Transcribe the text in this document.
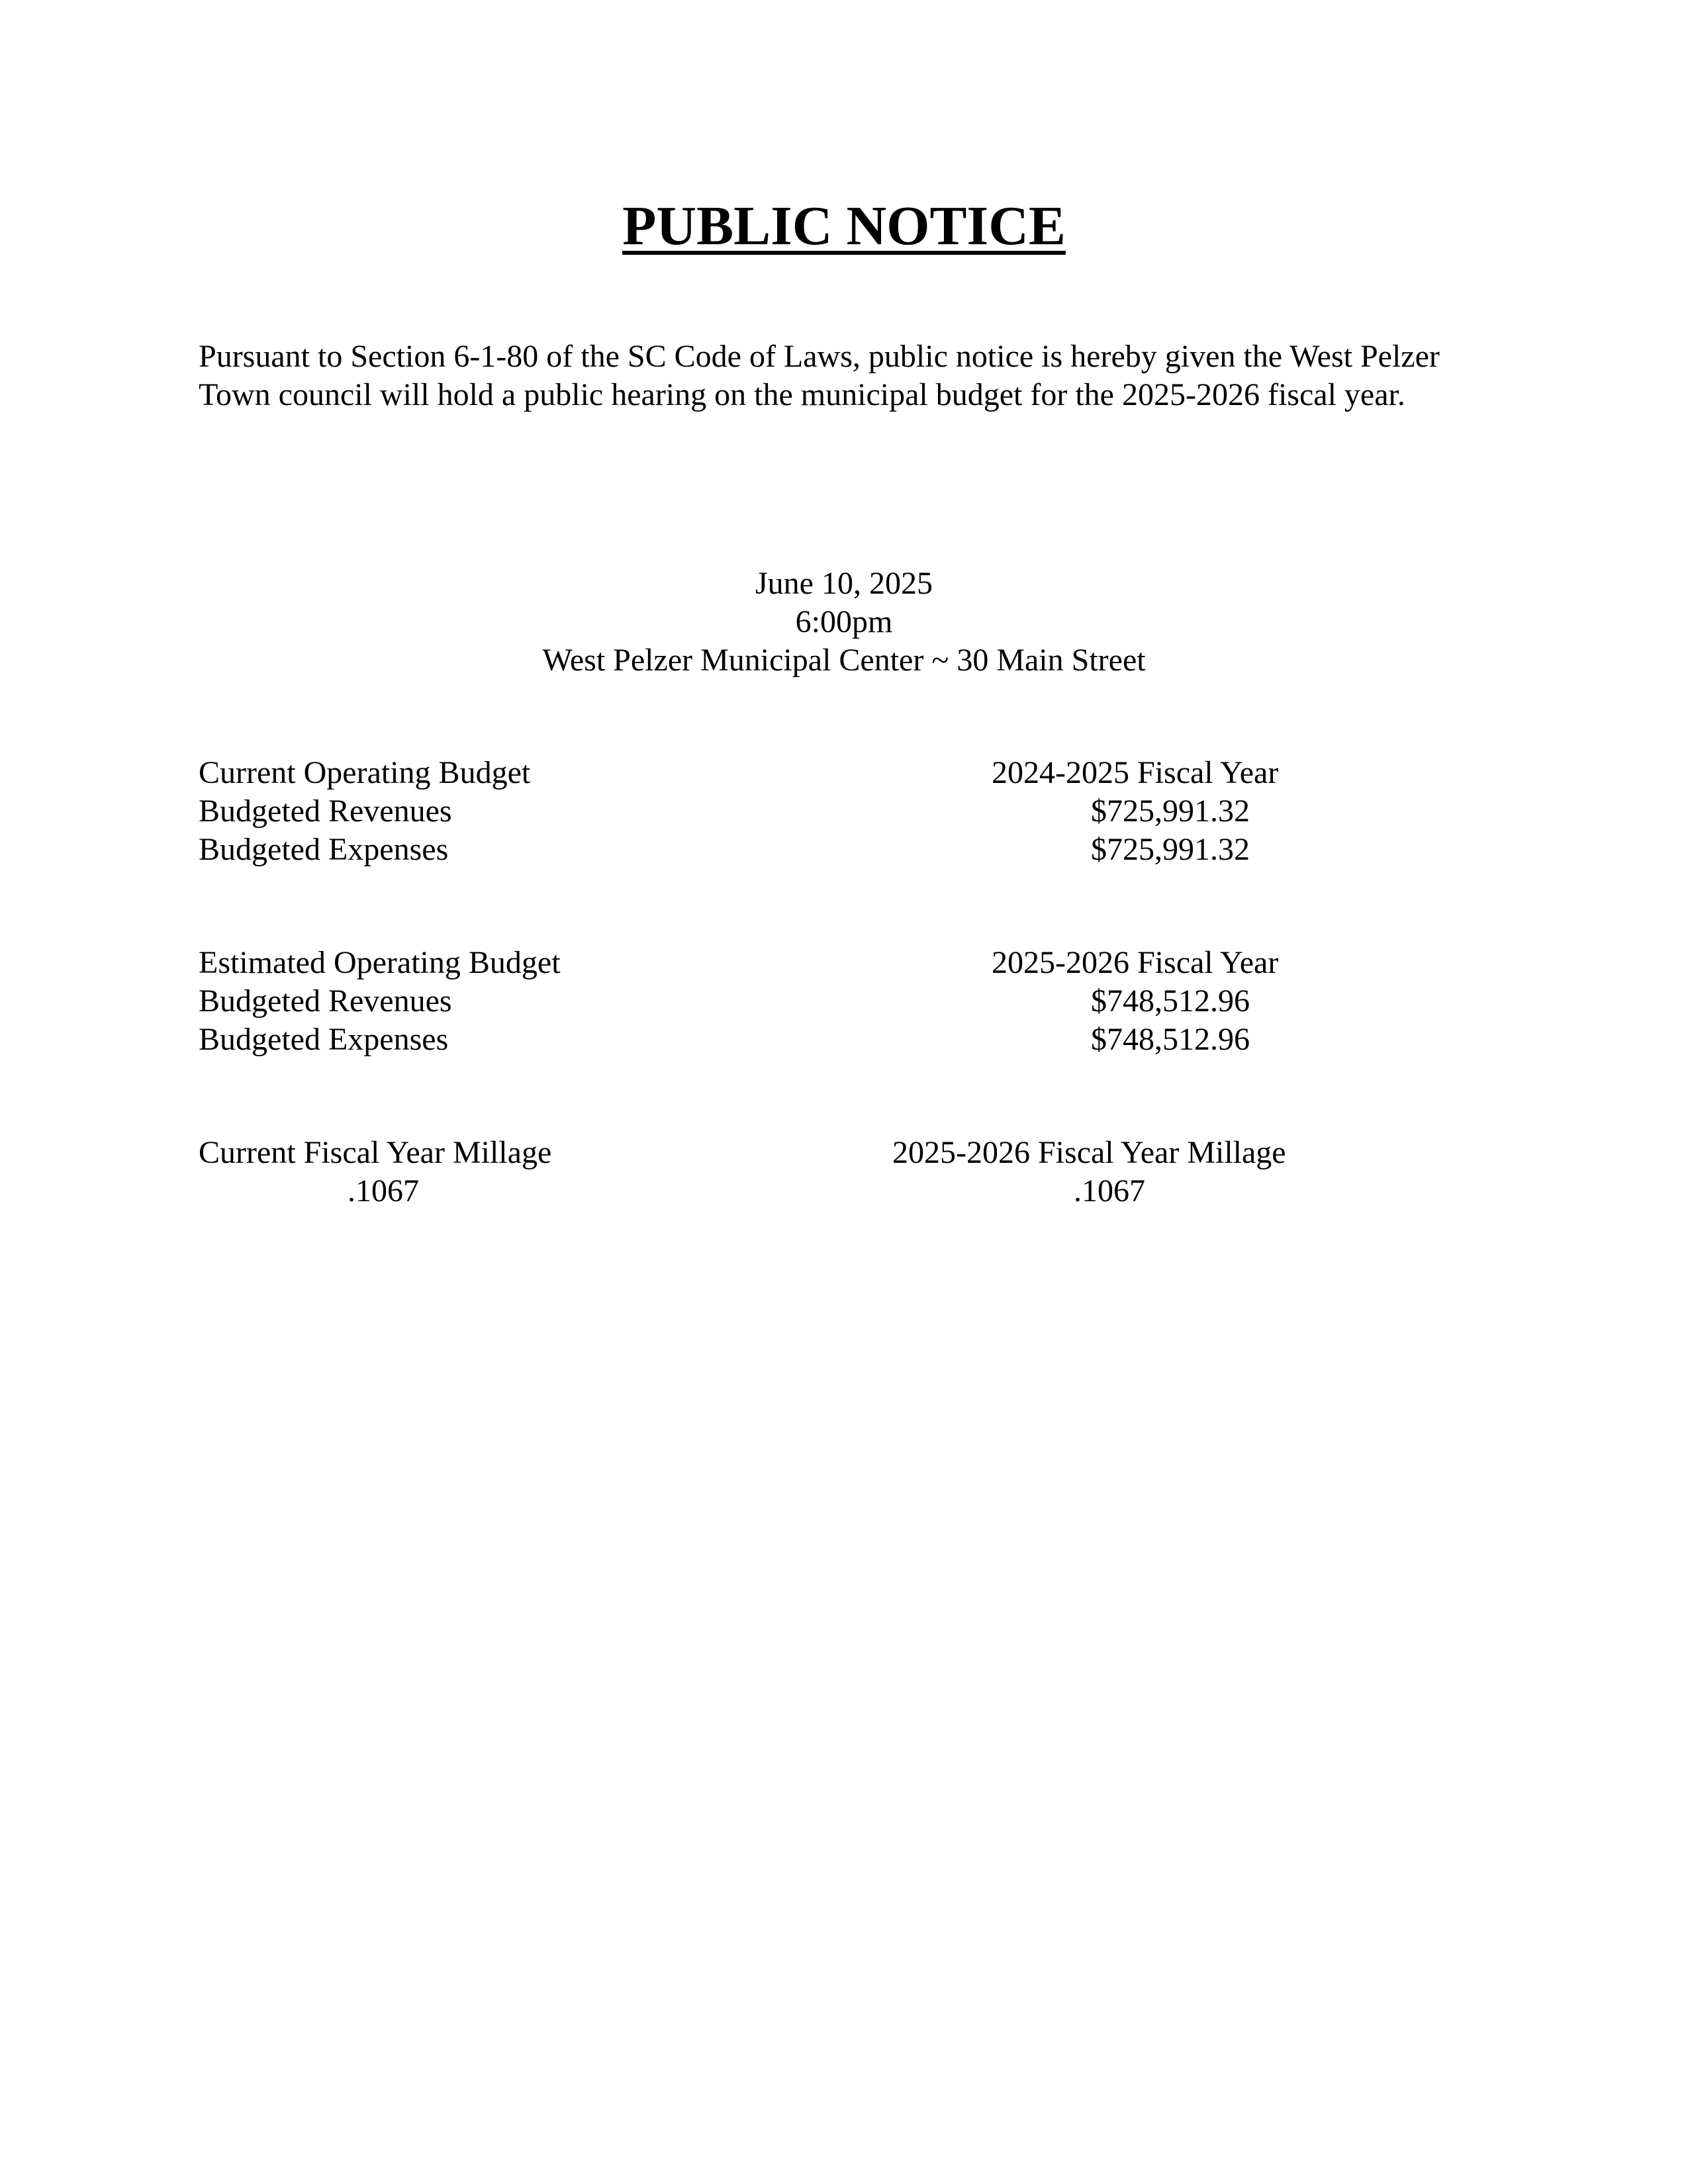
PUBLIC NOTICE

Pursuant to Section 6-1-80 of the SC Code of Laws, public notice is hereby given the West Pelzer Town council will hold a public hearing on the municipal budget for the 2025-2026 fiscal year.

June 10, 2025
6:00pm
West Pelzer Municipal Center ~ 30 Main Street
Current Operating Budget	2024-2025 Fiscal Year
Budgeted Revenues	$725,991.32
Budgeted Expenses	$725,991.32
Estimated Operating Budget	2025-2026 Fiscal Year
Budgeted Revenues	$748,512.96
Budgeted Expenses	$748,512.96
Current Fiscal Year Millage	2025-2026 Fiscal Year Millage
.1067	.1067
